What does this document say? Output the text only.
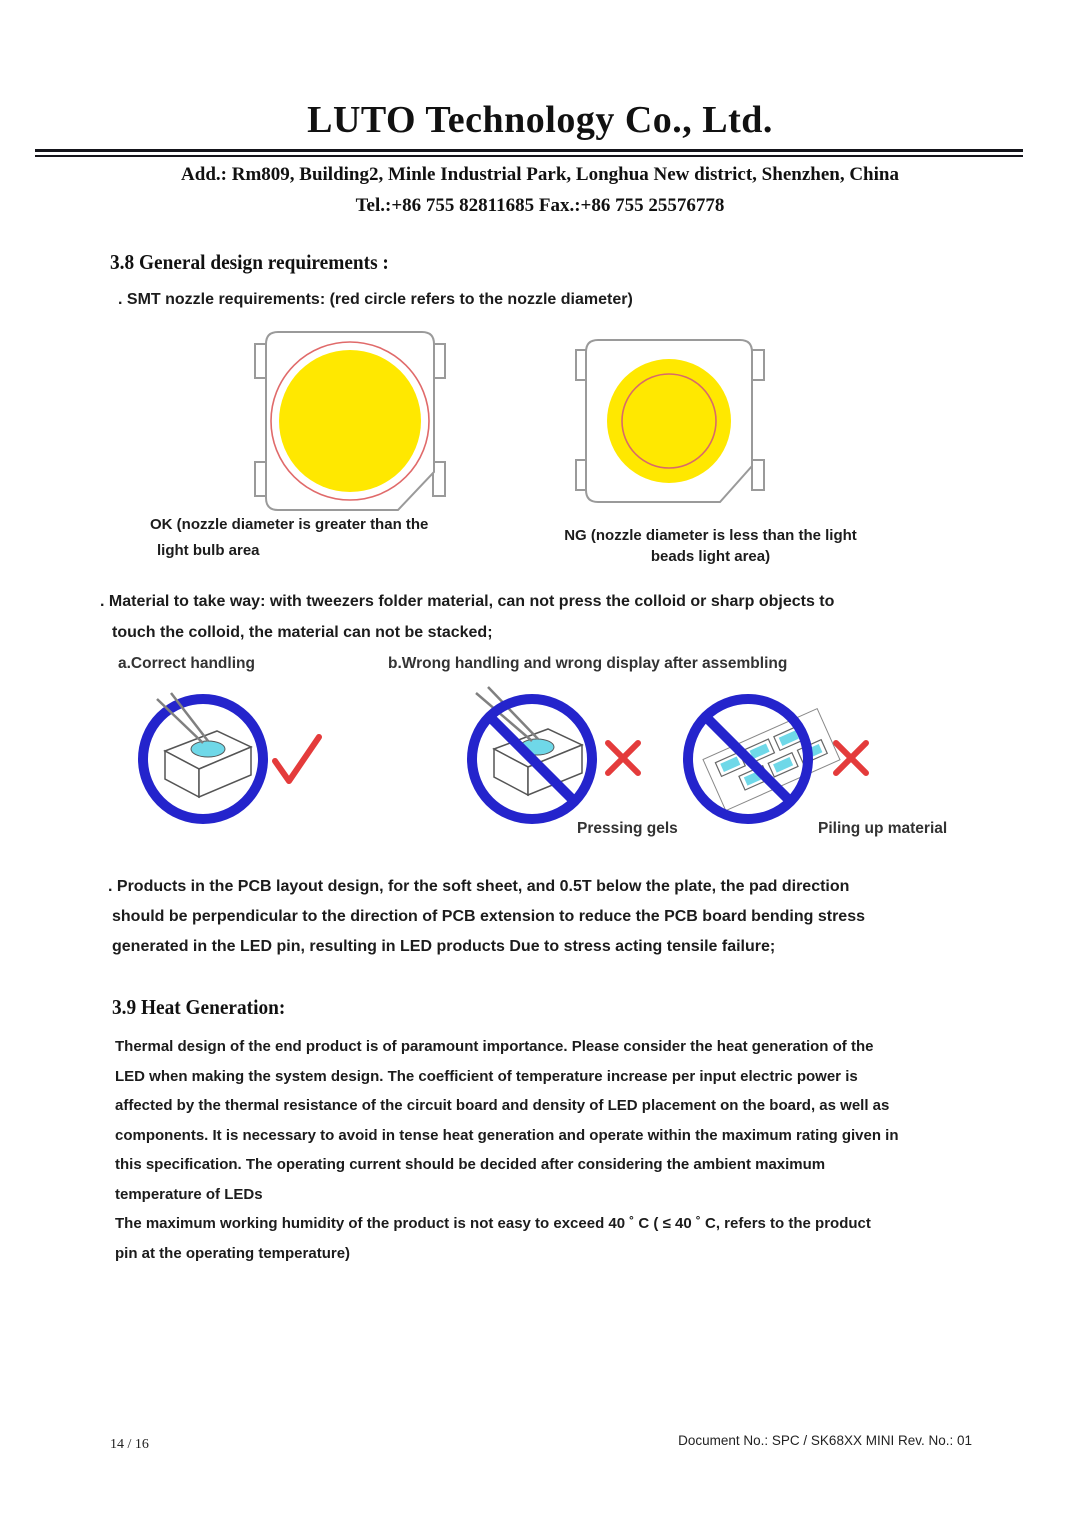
LUTO Technology Co., Ltd.
Add.: Rm809, Building2, Minle Industrial Park, Longhua New district, Shenzhen, China
Tel.:+86 755 82811685 Fax.:+86 755 25576778
3.8 General design requirements :
. SMT nozzle requirements: (red circle refers to the nozzle diameter)
OK (nozzle diameter is greater than the
light bulb area
NG (nozzle diameter is less than the light
beads light area)
. Material to take way: with tweezers folder material, can not press the colloid or sharp objects to
touch the colloid, the material can not be stacked;
a.Correct handling	b.Wrong handling and wrong display after assembling
Pressing gels	Piling up material
. Products in the PCB layout design, for the soft sheet, and 0.5T below the plate, the pad direction
should be perpendicular to the direction of PCB extension to reduce the PCB board bending stress
generated in the LED pin, resulting in LED products Due to stress acting tensile failure;
3.9 Heat Generation:
Thermal design of the end product is of paramount importance. Please consider the heat generation of the
LED when making the system design. The coefficient of temperature increase per input electric power is
affected by the thermal resistance of the circuit board and density of LED placement on the board, as well as
components. It is necessary to avoid in tense heat generation and operate within the maximum rating given in
this specification. The operating current should be decided after considering the ambient maximum
temperature of LEDs
The maximum working humidity of the product is not easy to exceed 40 ˚ C ( ≤ 40 ˚ C, refers to the product
pin at the operating temperature)
14 / 16	Document No.: SPC / SK68XX MINI Rev. No.: 01
